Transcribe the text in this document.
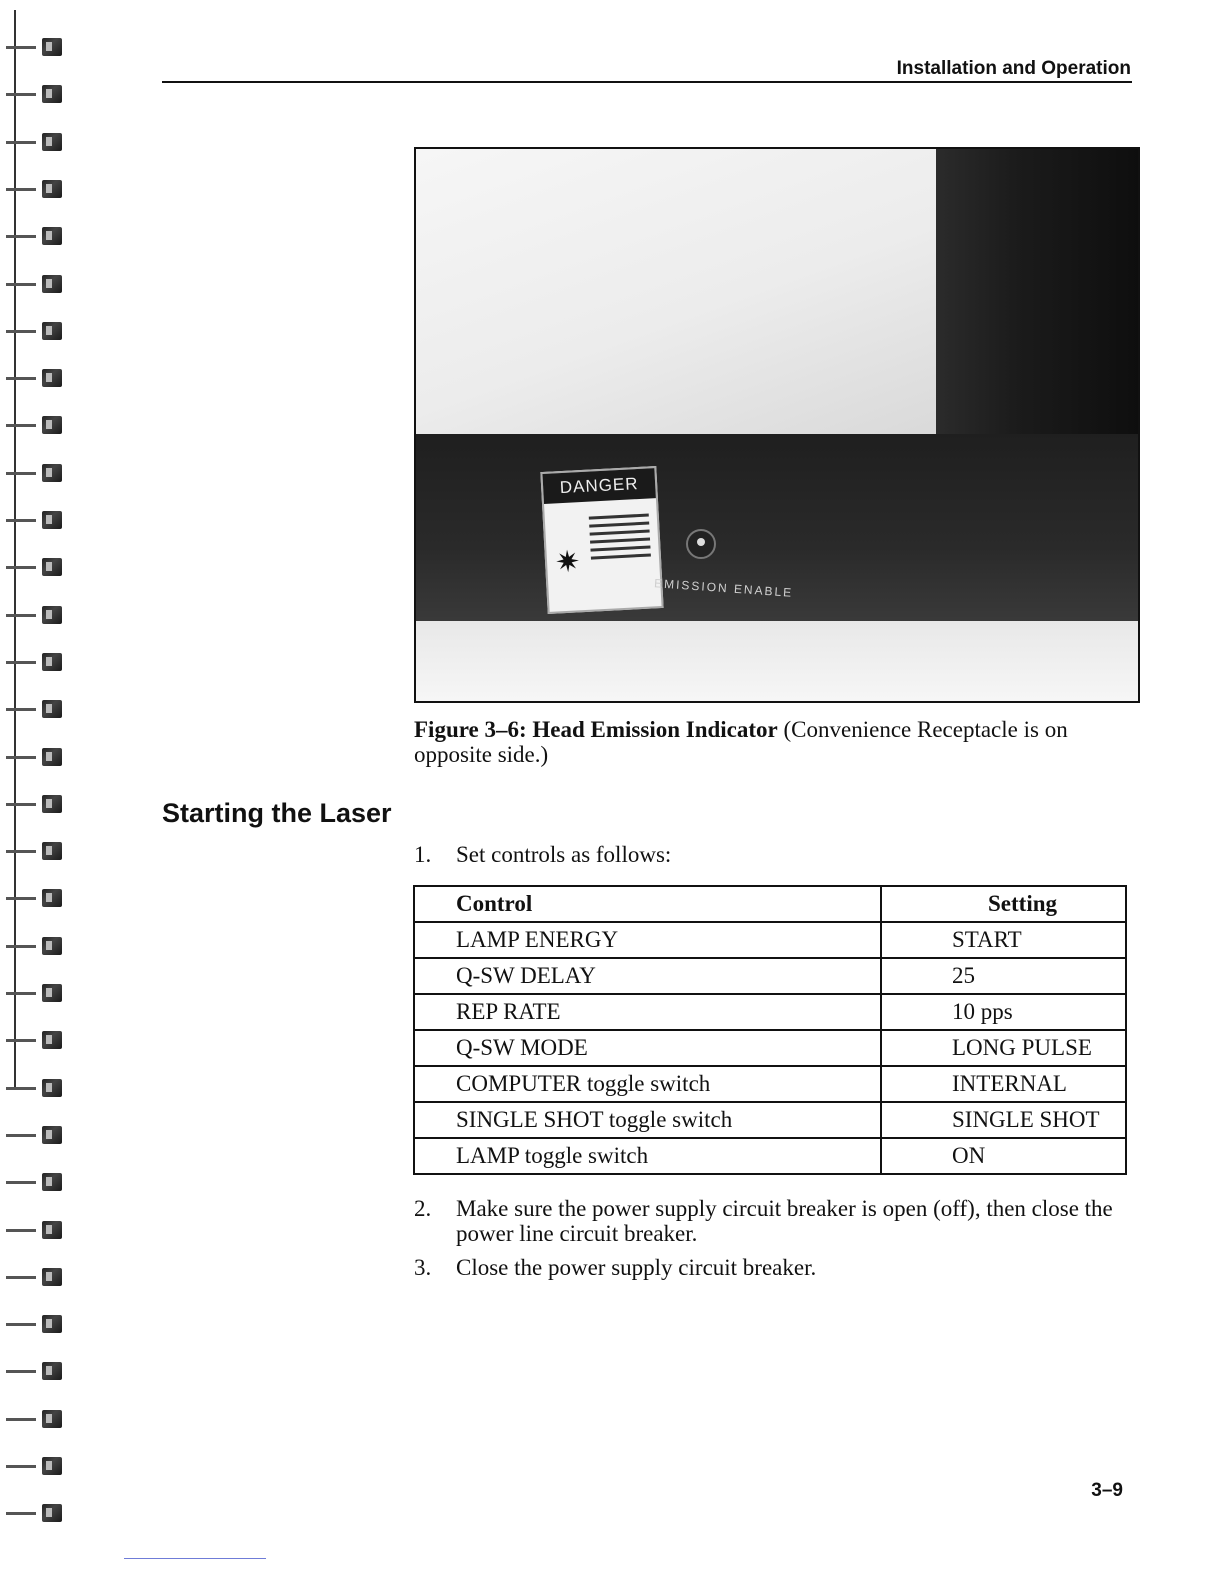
Installation and Operation
DANGER
✷
EMISSION ENABLE
Figure 3–6: Head Emission Indicator (Convenience Receptacle is on opposite side.)
Starting the Laser
1.	Set controls as follows:
Control	Setting
LAMP ENERGY	START
Q-SW DELAY	25
REP RATE	10 pps
Q-SW MODE	LONG PULSE
COMPUTER toggle switch	INTERNAL
SINGLE SHOT toggle switch	SINGLE SHOT
LAMP toggle switch	ON
2.	Make sure the power supply circuit breaker is open (off), then close the power line circuit breaker.
3.	Close the power supply circuit breaker.
3–9
